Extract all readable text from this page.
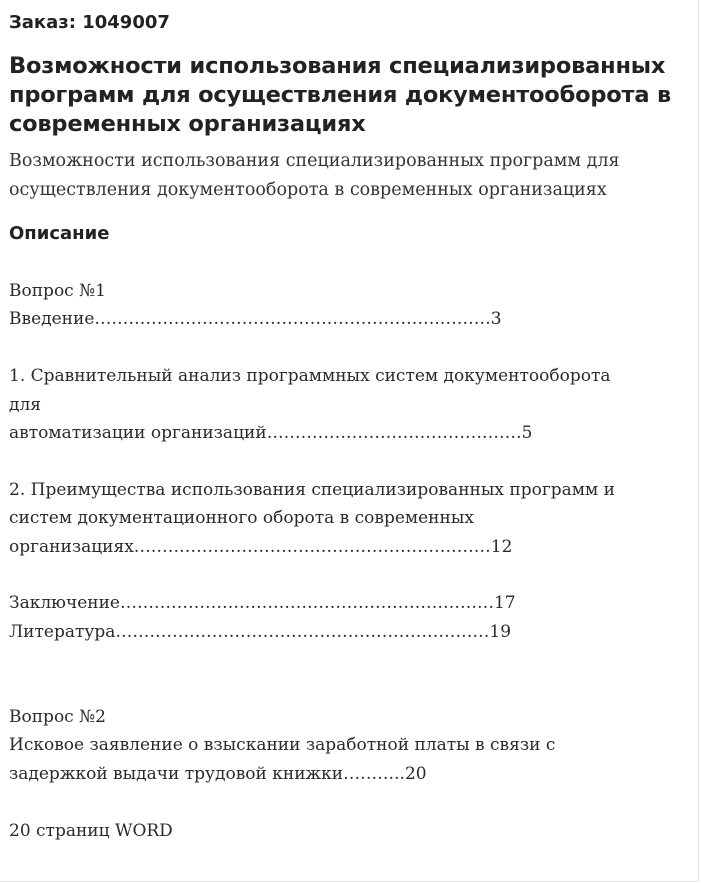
Заказ: 1049007
Возможности использования специализированных программ для осуществления документооборота в современных организациях
Возможности использования специализированных программ для осуществления документооборота в современных организациях
Описание
Вопрос №1
Введение…………………………………………………….………3
1. Сравнительный анализ программных систем документооборота
для
автоматизации организаций………………………………………5
2. Преимущества использования специализированных программ и
систем документационного оборота в современных
организациях………………………………………………………12
Заключение…………………………………………………………17
Литература…………………………………………………………19
Вопрос №2
Исковое заявление о взыскании заработной платы в связи с
задержкой выдачи трудовой книжки………..20
20 страниц WORD
